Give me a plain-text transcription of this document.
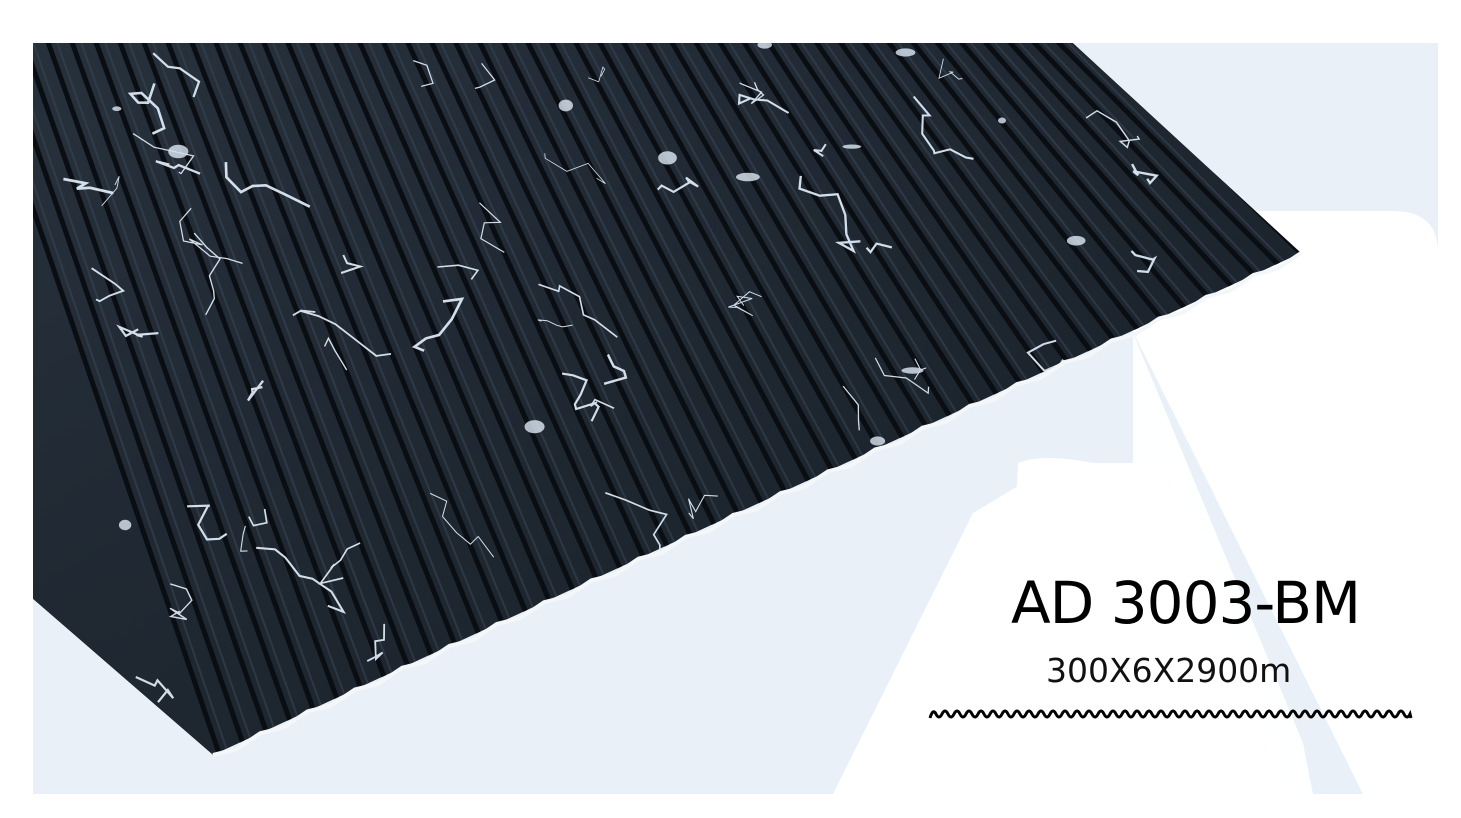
AD 3003-BM
300X6X2900m
